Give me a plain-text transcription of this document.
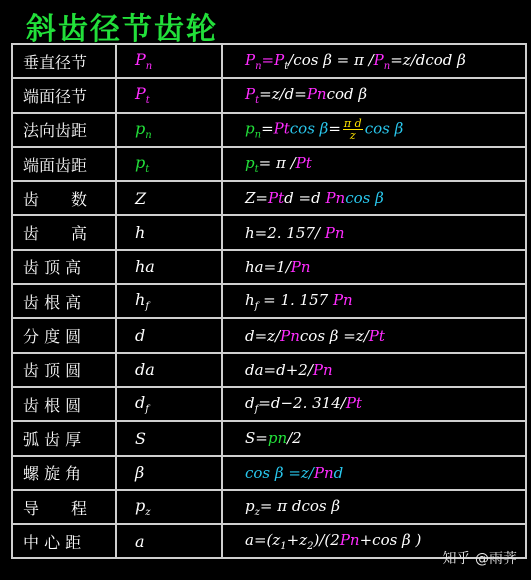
斜齿径节齿轮
垂直径节	$P_n$	$P_n=P_t/\cos$ β = π $/P_n=z$/dcod β
端面径节	$P_t$	$P_t=z/d=Pncod$ β
法向齿距	$p_n$	$p_n=Ptcos$ $\beta= \frac{\text{π d}}{z}$ cos β
端面齿距	$p_t$	$p_t= \pi$ /Pt
齿　　数	Z	Z=Ptd =d Pncos β
齿　　高	h	h=2. 157/ Pn
齿 顶 高	ha	ha=1/Pn
齿 根 高	$h_f$	$h_f = 1$. 157 Pn
分 度 圆	d	d=z/Pncos β =z/Pt
齿 顶 圆	da	da=d+2/Pn
齿 根 圆	$d_f$	$d_f=d-2$. 314/Pt
弧 齿 厚	S	S=pn/2
螺 旋 角	β	cos β =z/Pnd
导　　程	$p_z$	$p_z= \pi$ dcos β
中 心 距	a	$a=(z_1+z_2)/(2Pn+\cos$ β )
知乎 @雨荠
